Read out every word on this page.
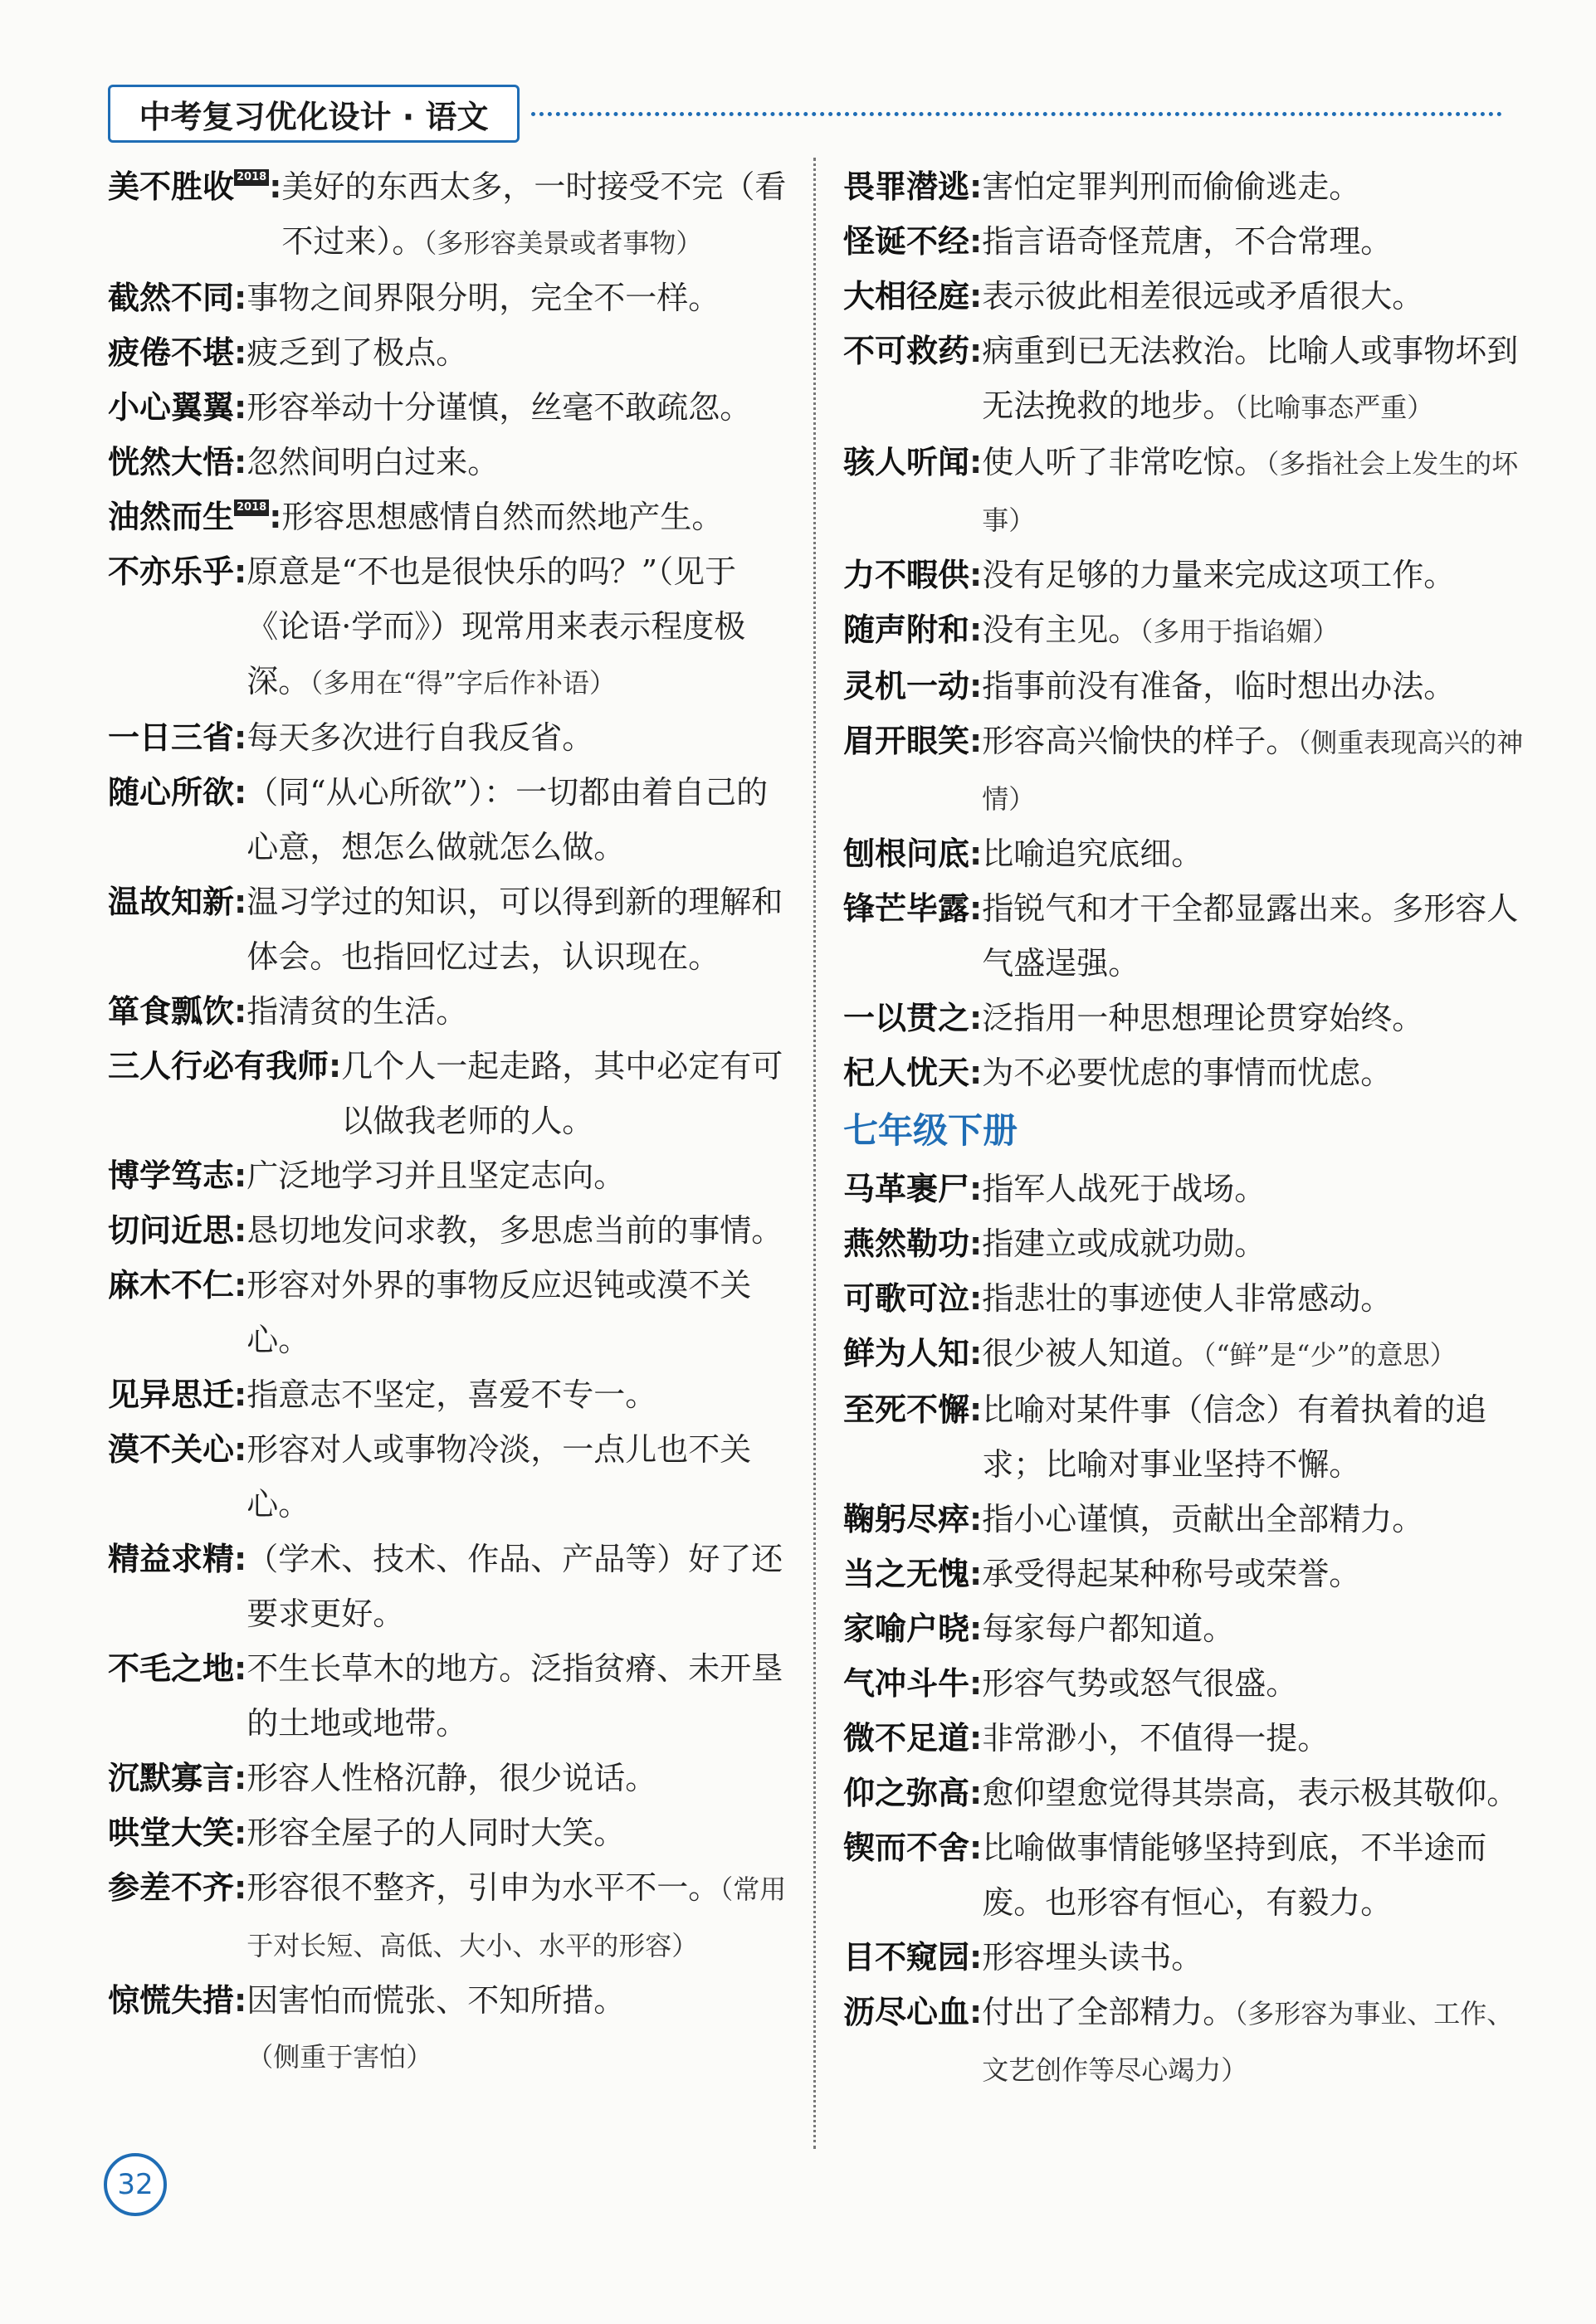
中考复习优化设计 · 语文
美不胜收 2018 : 美好的东西太多，一时接受不完（看不过来）。（多形容美景或者事物）
截然不同 : 事物之间界限分明，完全不一样。
疲倦不堪 : 疲乏到了极点。
小心翼翼 : 形容举动十分谨慎，丝毫不敢疏忽。
恍然大悟 : 忽然间明白过来。
油然而生 2018 : 形容思想感情自然而然地产生。
不亦乐乎 : 原意是“不也是很快乐的吗？”（见于《论语·学而》）现常用来表示程度极深。（多用在“得”字后作补语）
一日三省 : 每天多次进行自我反省。
随心所欲 : （同“从心所欲”）：一切都由着自己的心意，想怎么做就怎么做。
温故知新 : 温习学过的知识，可以得到新的理解和体会。也指回忆过去，认识现在。
箪食瓢饮 : 指清贫的生活。
三人行必有我师 : 几个人一起走路，其中必定有可以做我老师的人。
博学笃志 : 广泛地学习并且坚定志向。
切问近思 : 恳切地发问求教，多思虑当前的事情。
麻木不仁 : 形容对外界的事物反应迟钝或漠不关心。
见异思迁 : 指意志不坚定，喜爱不专一。
漠不关心 : 形容对人或事物冷淡，一点儿也不关心。
精益求精 : （学术、技术、作品、产品等）好了还要求更好。
不毛之地 : 不生长草木的地方。泛指贫瘠、未开垦的土地或地带。
沉默寡言 : 形容人性格沉静，很少说话。
哄堂大笑 : 形容全屋子的人同时大笑。
参差不齐 : 形容很不整齐，引申为水平不一。（常用于对长短、高低、大小、水平的形容）
惊慌失措 : 因害怕而慌张、不知所措。（侧重于害怕）
畏罪潜逃 : 害怕定罪判刑而偷偷逃走。
怪诞不经 : 指言语奇怪荒唐，不合常理。
大相径庭 : 表示彼此相差很远或矛盾很大。
不可救药 : 病重到已无法救治。比喻人或事物坏到无法挽救的地步。（比喻事态严重）
骇人听闻 : 使人听了非常吃惊。（多指社会上发生的坏事）
力不暇供 : 没有足够的力量来完成这项工作。
随声附和 : 没有主见。（多用于指谄媚）
灵机一动 : 指事前没有准备，临时想出办法。
眉开眼笑 : 形容高兴愉快的样子。（侧重表现高兴的神情）
刨根问底 : 比喻追究底细。
锋芒毕露 : 指锐气和才干全都显露出来。多形容人气盛逞强。
一以贯之 : 泛指用一种思想理论贯穿始终。
杞人忧天 : 为不必要忧虑的事情而忧虑。
七年级下册
马革裹尸 : 指军人战死于战场。
燕然勒功 : 指建立或成就功勋。
可歌可泣 : 指悲壮的事迹使人非常感动。
鲜为人知 : 很少被人知道。（“鲜”是“少”的意思）
至死不懈 : 比喻对某件事（信念）有着执着的追求；比喻对事业坚持不懈。
鞠躬尽瘁 : 指小心谨慎，贡献出全部精力。
当之无愧 : 承受得起某种称号或荣誉。
家喻户晓 : 每家每户都知道。
气冲斗牛 : 形容气势或怒气很盛。
微不足道 : 非常渺小，不值得一提。
仰之弥高 : 愈仰望愈觉得其崇高，表示极其敬仰。
锲而不舍 : 比喻做事情能够坚持到底，不半途而废。也形容有恒心，有毅力。
目不窥园 : 形容埋头读书。
沥尽心血 : 付出了全部精力。（多形容为事业、工作、文艺创作等尽心竭力）
32
